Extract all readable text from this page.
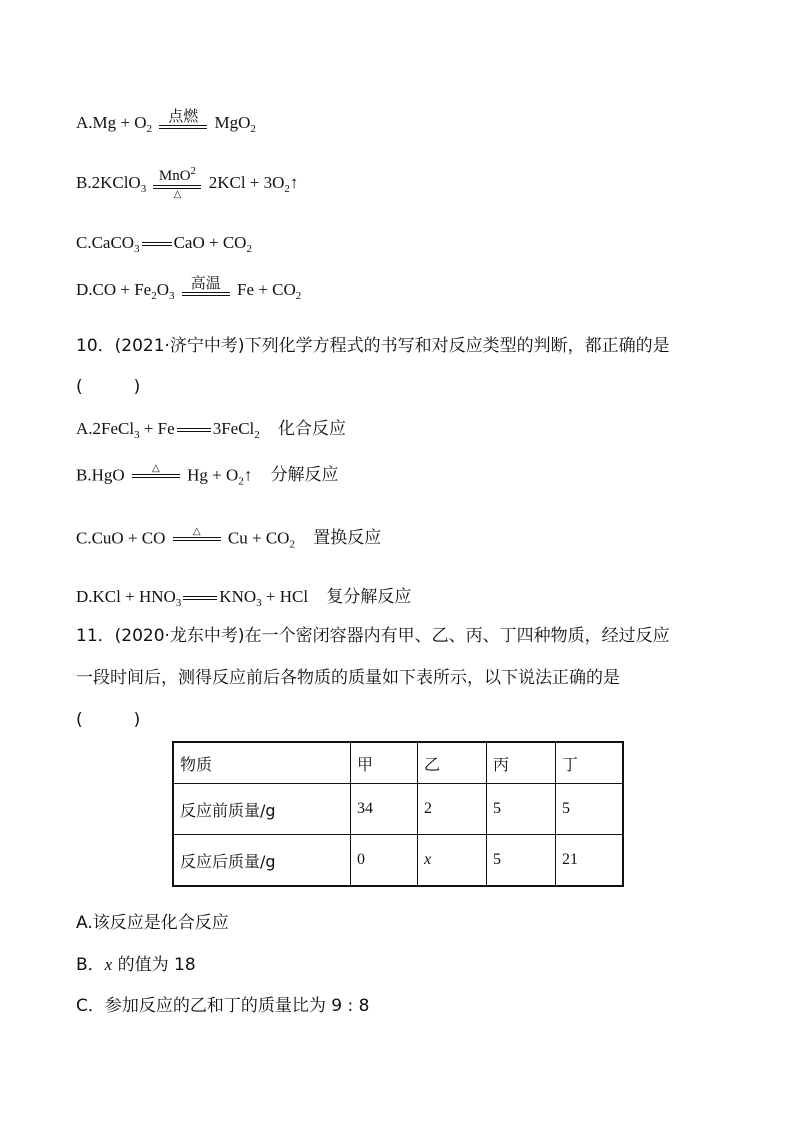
$A.Mg + O_2$
点燃
MgO$_2$
B.2KClO$_3$
MnO$^2$
△
$2KCl + 3O_2↑$
C.CaCO$_3$ CaO + $CO_2$
$D.CO + Fe_2O_3$
高温
$Fe + CO_2$
10．(2021·济宁中考)下列化学方程式的书写和对反应类型的判断，都正确的是
(　　　)
A.2FeCl$_3$ + Fe 3FeCl$_2$ 化合反应
B.HgO	△
	$Hg + O_2↑$ 分解反应
C.CuO + CO	△
	$Cu + CO_2$ 置换反应
$D.KCl + HNO_3$ $KNO_3$ + HCl 复分解反应
11．(2020·龙东中考)在一个密闭容器内有甲、乙、丙、丁四种物质，经过反应
一段时间后，测得反应前后各物质的质量如下表所示，以下说法正确的是
(　　　)
物质	甲	乙	丙	丁
反应前质量/g	34	2	5	5
反应后质量/g	0	x	5	21
A.该反应是化合反应
B．x 的值为 18
C．参加反应的乙和丁的质量比为 9 : 8
